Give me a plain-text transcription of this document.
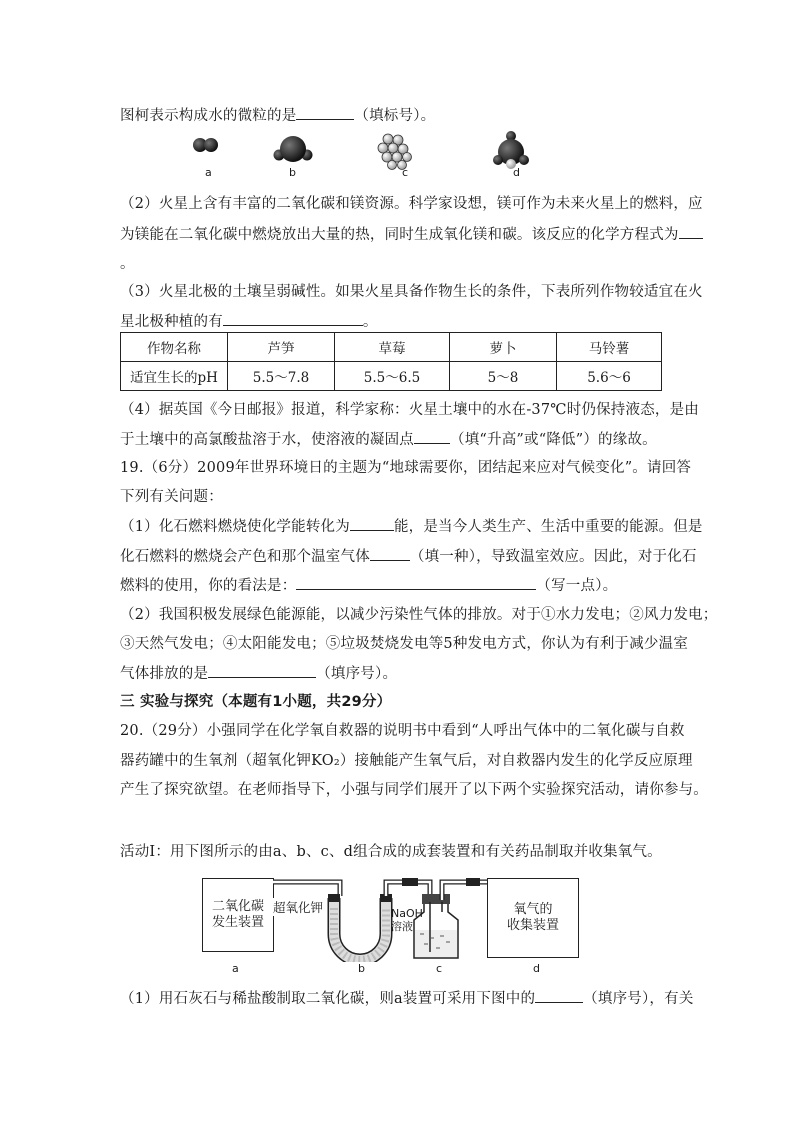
图柯表示构成水的微粒的是	（填标号）。
a	b	c	d
（2）火星上含有丰富的二氧化碳和镁资源。科学家设想，镁可作为未来火星上的燃料，应
为镁能在二氧化碳中燃烧放出大量的热，同时生成氧化镁和碳。该反应的化学方程式为
。
（3）火星北极的土壤呈弱碱性。如果火星具备作物生长的条件，下表所列作物较适宜在火
星北极种植的有	。
作物名称	芦笋	草莓	萝卜	马铃薯
适宜生长的pH	5.5～7.8	5.5～6.5	5～8	5.6～6
（4）据英国《今日邮报》报道，科学家称：火星土壤中的水在-37℃时仍保持液态，是由
于土壤中的高氯酸盐溶于水，使溶液的凝固点 （填“升高”或“降低”）的缘故。
19.（6分）2009年世界环境日的主题为“地球需要你，团结起来应对气候变化”。请回答
下列有关问题：
（1）化石燃料燃烧使化学能转化为	能，是当今人类生产、生活中重要的能源。但是
化石燃料的燃烧会产色和那个温室气体	（填一种），导致温室效应。因此，对于化石
燃料的使用，你的看法是：	（写一点）。
（2）我国积极发展绿色能源能，以减少污染性气体的排放。对于①水力发电；②风力发电；
③天然气发电；④太阳能发电；⑤垃圾焚烧发电等5种发电方式，你认为有利于减少温室
气体排放的是	（填序号）。
三 实验与探究（本题有1小题，共29分）
20.（29分）小强同学在化学氧自救器的说明书中看到“人呼出气体中的二氧化碳与自救
器药罐中的生氧剂（超氧化钾KO₂）接触能产生氧气后，对自救器内发生的化学反应原理
产生了探究欲望。在老师指导下，小强与同学们展开了以下两个实验探究活动，请你参与。
活动Ⅰ：用下图所示的由a、b、c、d组合成的成套装置和有关药品制取并收集氧气。
二氧化碳
发生装置
氧气的
收集装置
超氧化钾	NaOH
溶液
a	b	c	d
（1）用石灰石与稀盐酸制取二氧化碳，则a装置可采用下图中的	（填序号），有关
